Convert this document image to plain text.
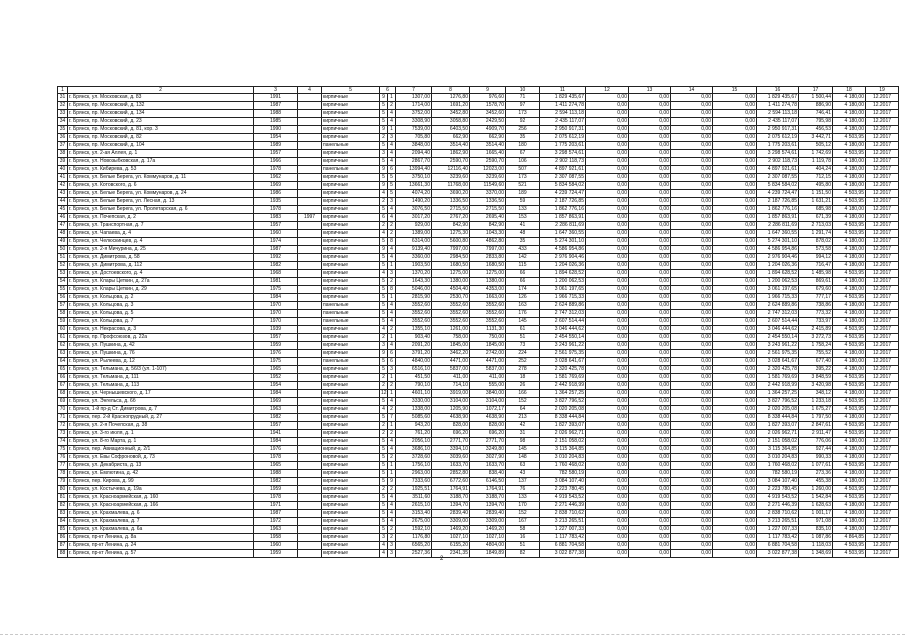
1	2	3	4	5	6		7	8	9	10	11	12	13	14	15	16	17	18	19
31	г. Брянск, ул. Московская, д. 83	1991		кирпичные	9	1	1307,00	1276,80	976,60	71	1 829 435,67	0,00	0,00	0,00	0,00	1 829 435,67	1 500,44	4 180,00	12.2017
32	г. Брянск, пр. Московский, д. 132	1987		кирпичные	5	2	1714,00	1691,20	1578,70	97	1 411 274,78	0,00	0,00	0,00	0,00	1 411 274,78	886,90	4 180,00	12.2017
33	г. Брянск, пр. Московский, д. 134	1988		кирпичные	5	4	3752,00	3452,80	3452,60	173	2 594 113,18	0,00	0,00	0,00	0,00	2 594 113,18	746,41	4 180,00	12.2017
34	г. Брянск, пр. Московский, д. 23	1985		кирпичные	5	4	3308,90	3058,80	2429,50	92	2 435 117,07	0,00	0,00	0,00	0,00	2 435 117,07	795,98	4 180,00	12.2017
35	г. Брянск, пр. Московский, д. 81, кор. 3	1990		кирпичные	9	1	7539,00	6403,50	4909,70	256	2 950 917,31	0,00	0,00	0,00	0,00	2 950 917,31	456,53	4 180,00	12.2017
36	г. Брянск, пр. Московский, д. 82	1954		кирпичные	2	3	705,80	662,90	662,90	35	2 075 612,19	0,00	0,00	0,00	0,00	2 075 612,19	3 442,71	4 503,95	12.2017
37	г. Брянск, пр. Московский, д. 104	1989		панельные	5	4	3848,00	3514,40	3514,40	180	1 775 203,61	0,00	0,00	0,00	0,00	1 775 203,61	505,12	4 180,00	12.2017
38	г. Брянск, ул. 2-ая Аллея, д. 1	1957		кирпичные	3	4	2094,40	1862,90	1665,40	67	3 298 574,61	0,00	0,00	0,00	0,00	3 298 574,61	1 742,69	4 503,95	12.2017
39	г. Брянск, ул. Новозыбковская, д. 17а	1966		кирпичные	5	4	2867,70	2590,70	2590,70	106	2 902 118,73	0,00	0,00	0,00	0,00	2 902 118,73	1 119,78	4 180,00	12.2017
40	г. Брянск, ул. Кибирева, д. 53	1978		панельные	9	6	13994,40	12116,40	12023,00	507	4 897 921,61	0,00	0,00	0,00	0,00	4 897 921,61	404,24	4 180,00	12.2017
41	г. Брянск, ул. Белые Берега, ул. Коммунаров, д. 11	1962		кирпичные	5	5	3750,10	3239,60	3239,60	173	2 307 087,55	0,00	0,00	0,00	0,00	2 307 087,55	712,15	4 180,00	12.2017
42	г. Брянск, ул. Котовского, д. 6	1969		кирпичные	9	5	13661,30	11768,00	11549,60	521	5 834 584,02	0,00	0,00	0,00	0,00	5 834 584,02	495,80	4 180,00	12.2017
43	г. Брянск, ул. Белые Берега, ул. Коммунаров, д. 24	1986		кирпичные	4	5	4074,20	3690,20	3370,00	189	4 239 724,47	0,00	0,00	0,00	0,00	4 239 724,47	1 151,50	4 503,95	12.2017
44	г. Брянск, ул. Белые Берега, ул. Лесная, д. 13	1935		кирпичные	2	3	1490,20	1336,50	1336,50	59	2 187 726,85	0,00	0,00	0,00	0,00	2 187 726,85	1 631,21	4 503,95	12.2017
45	г. Брянск, ул. Белые Берега, ул. Пролетарская, д. 6	1978		кирпичные	5	4	3076,50	2715,50	2715,50	133	1 862 776,16	0,00	0,00	0,00	0,00	1 862 776,16	685,98	4 180,00	12.2017
46	г. Брянск, ул. Почепская, д. 2	1983	1997	кирпичные	6	4	3017,20	2767,20	2695,40	153	1 857 863,91	0,00	0,00	0,00	0,00	1 857 863,91	671,39	4 180,00	12.2017
47	г. Брянск, ул. Транспортная, д. 7	1957		кирпичные	2	2	929,00	842,90	842,90	41	2 286 811,69	0,00	0,00	0,00	0,00	2 286 811,69	2 713,03	4 503,95	12.2017
48	г. Брянск, ул. Чапаева, д. 4	1960		кирпичные	4	2	1389,00	1275,30	1043,30	48	1 647 360,55	0,00	0,00	0,00	0,00	1 647 360,55	1 291,74	4 503,95	12.2017
49	г. Брянск, ул. Челюскинцев, д. 4	1974		кирпичные	5	8	6314,00	5600,80	4862,80	35	5 274 301,10	0,00	0,00	0,00	0,00	5 274 301,10	878,02	4 180,00	12.2017
50	г. Брянск, ул. 2-я Мичурина, д. 25	1987		кирпичные	9	4	9139,40	7997,00	7997,00	433	4 586 954,86	0,00	0,00	0,00	0,00	4 586 954,86	573,58	4 180,00	12.2017
51	г. Брянск, ул. Димитрова, д. 58	1992		кирпичные	5	4	3360,00	2984,50	2833,80	142	2 976 904,46	0,00	0,00	0,00	0,00	2 976 904,46	994,12	4 180,00	12.2017
52	г. Брянск, ул. Димитрова, д. 112	1982		кирпичные	5	1	1903,50	1680,50	1680,50	115	1 204 026,36	0,00	0,00	0,00	0,00	1 204 026,36	716,47	4 180,00	12.2017
53	г. Брянск, ул. Достоевского, д. 4	1968		кирпичные	4	3	1370,20	1275,00	1275,00	66	1 894 628,52	0,00	0,00	0,00	0,00	1 894 628,52	1 485,98	4 503,95	12.2017
54	г. Брянск, ул. Клары Цеткин, д. 27а	1981		кирпичные	5	2	1643,30	1380,00	1380,00	66	1 200 062,53	0,00	0,00	0,00	0,00	1 200 062,53	869,61	4 180,00	12.2017
55	г. Брянск, ул. Клары Цеткин, д. 29	1975		кирпичные	5	8	5046,00	4504,40	4353,00	174	3 061 197,65	0,00	0,00	0,00	0,00	3 061 197,65	679,60	4 180,00	12.2017
56	г. Брянск, ул. Кольцова, д. 2	1984		кирпичные	5	1	2815,90	2530,70	1663,00	126	1 966 715,33	0,00	0,00	0,00	0,00	1 966 715,33	777,17	4 503,95	12.2017
57	г. Брянск, ул. Кольцова, д. 3	1970		панельные	5	4	3552,60	3552,60	3552,60	163	2 624 889,86	0,00	0,00	0,00	0,00	2 624 889,86	738,86	4 180,00	12.2017
58	г. Брянск, ул. Кольцова, д. 5	1970		панельные	5	4	3552,60	3552,60	3552,60	176	2 747 312,03	0,00	0,00	0,00	0,00	2 747 312,03	773,32	4 180,00	12.2017
59	г. Брянск, ул. Кольцова, д. 7	1970		панельные	5	4	3552,60	3552,60	3552,60	145	2 607 514,44	0,00	0,00	0,00	0,00	2 607 514,44	733,97	4 180,00	12.2017
60	г. Брянск, ул. Некрасова, д. 3	1939		кирпичные	4	2	1355,10	1261,00	1131,30	61	3 046 444,62	0,00	0,00	0,00	0,00	3 046 444,62	2 415,89	4 503,95	12.2017
61	г. Брянск, пр. Профсоюзов, д. 22а	1957		кирпичные	2	1	903,40	758,00	750,00	51	2 454 550,14	0,00	0,00	0,00	0,00	2 454 550,14	3 272,73	4 503,95	12.2017
62	г. Брянск, ул. Пушкина, д. 42	1959		кирпичные	3	4	2091,20	1845,00	1845,00	73	3 243 961,22	0,00	0,00	0,00	0,00	3 243 961,22	1 758,24	4 503,95	12.2017
63	г. Брянск, ул. Пушкина, д. 76	1976		кирпичные	9	6	3791,20	3462,20	2742,00	224	2 561 975,35	0,00	0,00	0,00	0,00	2 561 975,35	755,52	4 180,00	12.2017
64	г. Брянск, ул. Рылеева, д. 12	1975		панельные	5	6	4840,00	4471,00	4471,00	252	3 028 641,67	0,00	0,00	0,00	0,00	3 028 641,67	677,40	4 180,00	12.2017
65	г. Брянск, ул. Тельмана, д. 56/3 (ул. 1-107)	1965		кирпичные	5	3	6516,10	5837,00	5837,00	278	2 320 425,78	0,00	0,00	0,00	0,00	2 320 425,78	395,22	4 180,00	12.2017
66	г. Брянск, ул. Тельмана, д. 111	1952		кирпичные	2	1	451,50	411,00	411,00	18	1 581 769,69	0,00	0,00	0,00	0,00	1 581 769,69	3 848,59	4 503,95	12.2017
67	г. Брянск, ул. Тельмана, д. 113	1954		кирпичные	2	2	790,10	714,10	555,00	26	2 442 918,99	0,00	0,00	0,00	0,00	2 442 918,99	3 420,98	4 503,95	12.2017
68	г. Брянск, ул. Чернышевского, д. 17	1984		кирпичные	12	1	4601,10	3919,00	3840,00	166	1 364 257,25	0,00	0,00	0,00	0,00	1 364 257,25	348,12	4 180,00	12.2017
69	г. Брянск, ул. Энгельса, д. 6б	1969		кирпичные	5	4	3330,00	3104,00	3104,00	152	3 827 796,52	0,00	0,00	0,00	0,00	3 827 796,52	1 233,18	4 503,95	12.2017
70	г. Брянск, 1-й пр-д Ст. Димитрова, д. 7	1963		кирпичные	4	2	1338,00	1205,90	1072,17	64	2 020 205,08	0,00	0,00	0,00	0,00	2 020 205,08	1 675,27	4 503,95	12.2017
71	г. Брянск, пер. 2-й Краснопрудный, д. 27	1982		кирпичные	5	7	5085,60	4638,90	4638,90	213	8 338 444,84	0,00	0,00	0,00	0,00	8 338 444,84	1 797,50	4 180,00	12.2017
72	г. Брянск, ул. 2-я Почепская, д. 38	1957		кирпичные	2	1	943,20	828,00	828,00	42	1 827 393,07	0,00	0,00	0,00	0,00	1 827 393,07	2 847,61	4 503,95	12.2017
73	г. Брянск, ул. 3-го июля, д. 1	1941		кирпичные	2	2	761,20	696,20	696,20	31	2 026 962,71	0,00	0,00	0,00	0,00	2 026 962,71	2 911,47	4 503,95	12.2017
74	г. Брянск, ул. 8-го Марта, д. 1	1984		кирпичные	5	4	2056,10	2771,70	2771,70	98	2 151 058,02	0,00	0,00	0,00	0,00	2 151 058,02	776,06	4 180,00	12.2017
75	г. Брянск, пер. Авиационный, д. 2/1	1976		кирпичные	5	4	3686,10	3394,10	3249,80	145	3 115 364,85	0,00	0,00	0,00	0,00	3 115 364,85	927,44	4 180,00	12.2017
76	г. Брянск, ул. Евы Софроновой, д. 73	1978		кирпичные	5	2	3728,60	3039,60	3027,90	148	3 010 204,83	0,00	0,00	0,00	0,00	3 010 204,83	990,33	4 180,00	12.2017
77	г. Брянск, ул. Декабриста, д. 13	1965		кирпичные	5	1	1756,10	1633,70	1633,70	63	1 760 468,02	0,00	0,00	0,00	0,00	1 760 468,02	1 077,61	4 503,95	12.2017
78	г. Брянск, ул. Емлютина, д. 42	1988		кирпичные	5	1	2963,00	2852,80	838,40	43	782 580,19	0,00	0,00	0,00	0,00	782 580,19	273,36	4 180,00	12.2017
79	г. Брянск, пер. Кирова, д. 99	1982		кирпичные	5	9	7333,60	6772,60	6146,50	137	3 084 107,40	0,00	0,00	0,00	0,00	3 084 107,40	455,38	4 180,00	12.2017
80	г. Брянск, ул. Костычева, д. 19а	1959		кирпичные	2	2	1925,51	1764,91	1764,91	76	2 223 780,45	0,00	0,00	0,00	0,00	2 223 780,45	1 260,00	4 503,95	12.2017
81	г. Брянск, ул. Красноармейская, д. 160	1978		кирпичные	5	4	3511,60	3188,70	3188,70	133	4 919 543,52	0,00	0,00	0,00	0,00	4 919 543,52	1 542,84	4 503,95	12.2017
82	г. Брянск, ул. Красноармейская, д. 166	1971		кирпичные	5	4	2615,10	1394,70	1394,70	170	2 271 446,39	0,00	0,00	0,00	0,00	2 271 446,39	1 628,63	4 180,00	12.2017
83	г. Брянск, ул. Крахмалева, д. 6	1987		кирпичные	5	4	3153,40	2839,40	2839,40	152	2 838 710,62	0,00	0,00	0,00	0,00	2 838 710,62	1 001,17	4 180,00	12.2017
84	г. Брянск, ул. Крахмалева, д. 7	1972		кирпичные	5	4	2675,00	3309,00	3309,00	167	3 213 265,51	0,00	0,00	0,00	0,00	3 213 265,51	971,08	4 180,00	12.2017
85	г. Брянск, ул. Крахмалева, д. 6а	1963		кирпичные	5	2	1592,10	1469,20	1469,20	58	1 227 007,33	0,00	0,00	0,00	0,00	1 227 007,33	835,10	4 180,00	12.2017
86	г. Брянск, пр-кт Ленина, д. 8а	1958		кирпичные	3	2	1176,80	1027,10	1027,10	16	1 117 783,42	0,00	0,00	0,00	0,00	1 117 783,42	1 087,86	4 864,85	12.2017
87	г. Брянск, пр-кт Ленина, д. 24	1960		кирпичные	4	3	6565,20	6155,20	4804,00	51	6 881 704,58	0,00	0,00	0,00	0,00	6 881 704,58	1 118,03	4 503,95	12.2017
88	г. Брянск, пр-кт Ленина, д. 57	1959		кирпичные	4	3	2527,36	2341,35	1849,89	82	3 022 877,38	0,00	0,00	0,00	0,00	3 022 877,38	1 348,69	4 503,95	12.2017
2
